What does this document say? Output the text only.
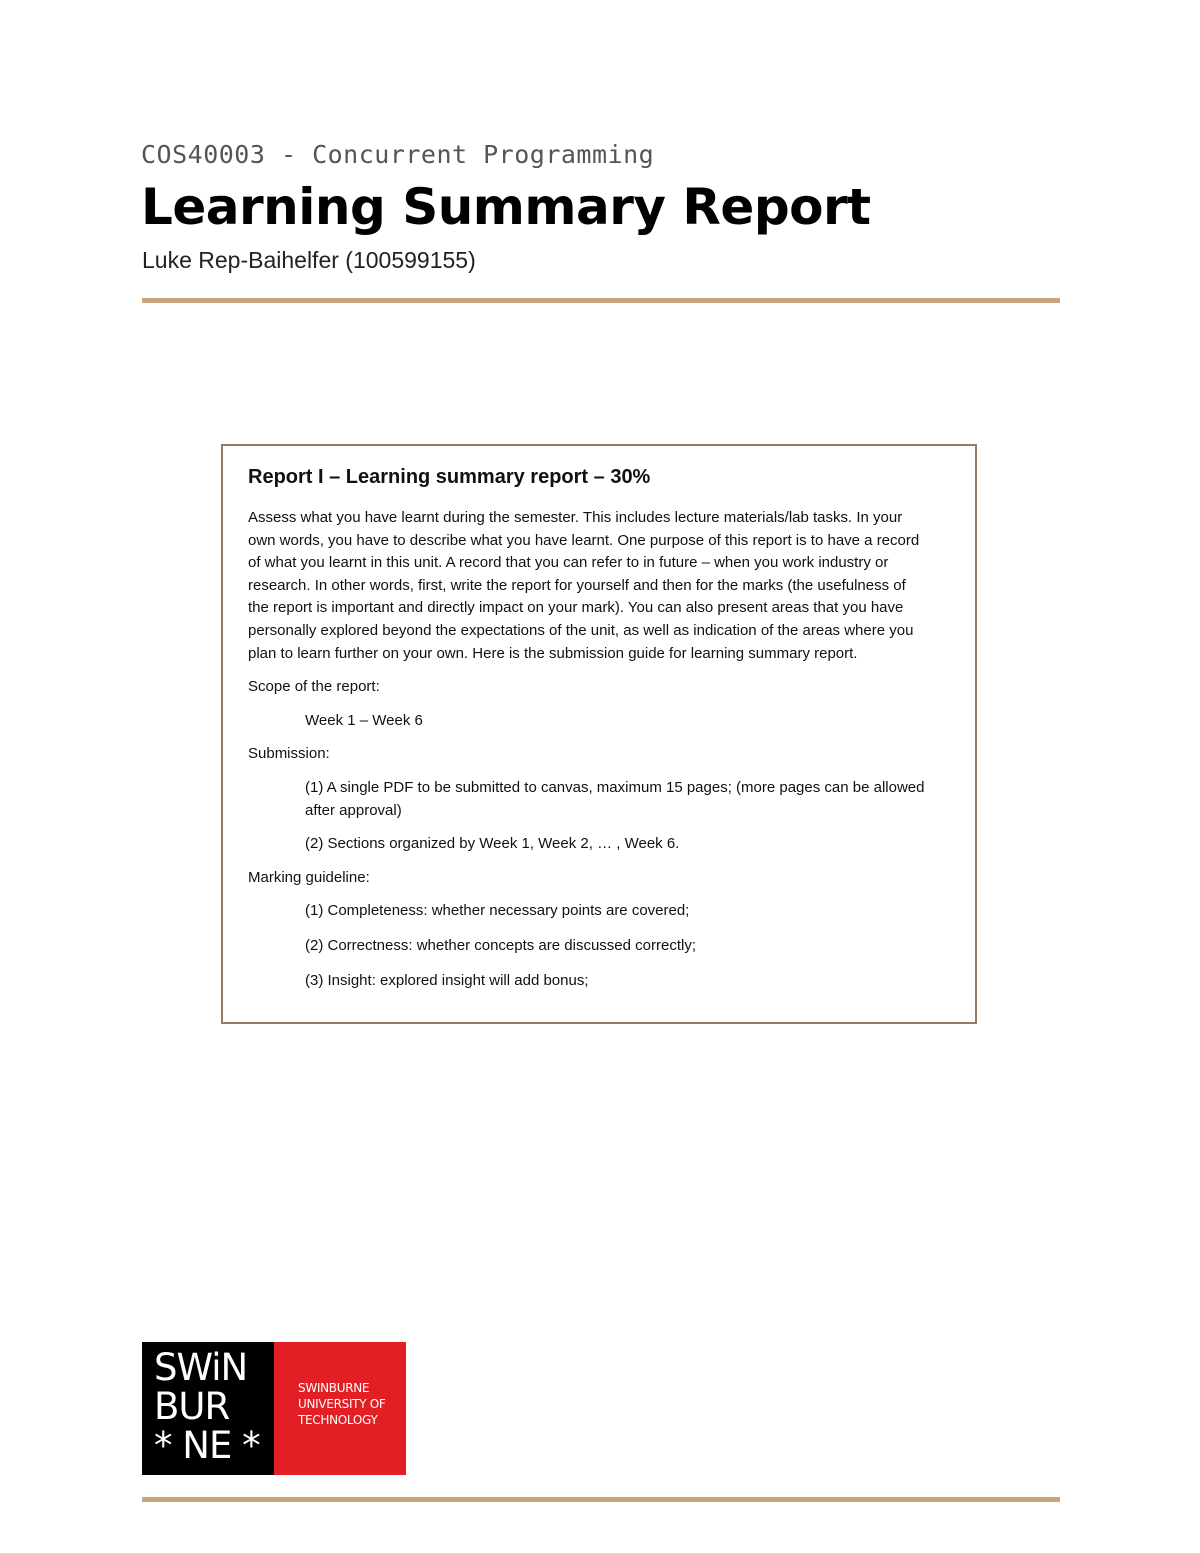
COS40003 - Concurrent Programming
Learning Summary Report
Luke Rep-Baihelfer (100599155)
Report I – Learning summary report – 30%
Assess what you have learnt during the semester. This includes lecture materials/lab tasks. In your
own words, you have to describe what you have learnt. One purpose of this report is to have a record
of what you learnt in this unit. A record that you can refer to in future – when you work industry or
research. In other words, first, write the report for yourself and then for the marks (the usefulness of
the report is important and directly impact on your mark). You can also present areas that you have
personally explored beyond the expectations of the unit, as well as indication of the areas where you
plan to learn further on your own. Here is the submission guide for learning summary report.
Scope of the report:
Week 1 – Week 6
Submission:
(1) A single PDF to be submitted to canvas, maximum 15 pages; (more pages can be allowed
after approval)
(2) Sections organized by Week 1, Week 2, … , Week 6.
Marking guideline:
(1) Completeness: whether necessary points are covered;
(2) Correctness: whether concepts are discussed correctly;
(3) Insight: explored insight will add bonus;
SWiN
BUR
* NE *
SWINBURNE
UNIVERSITY OF
TECHNOLOGY
